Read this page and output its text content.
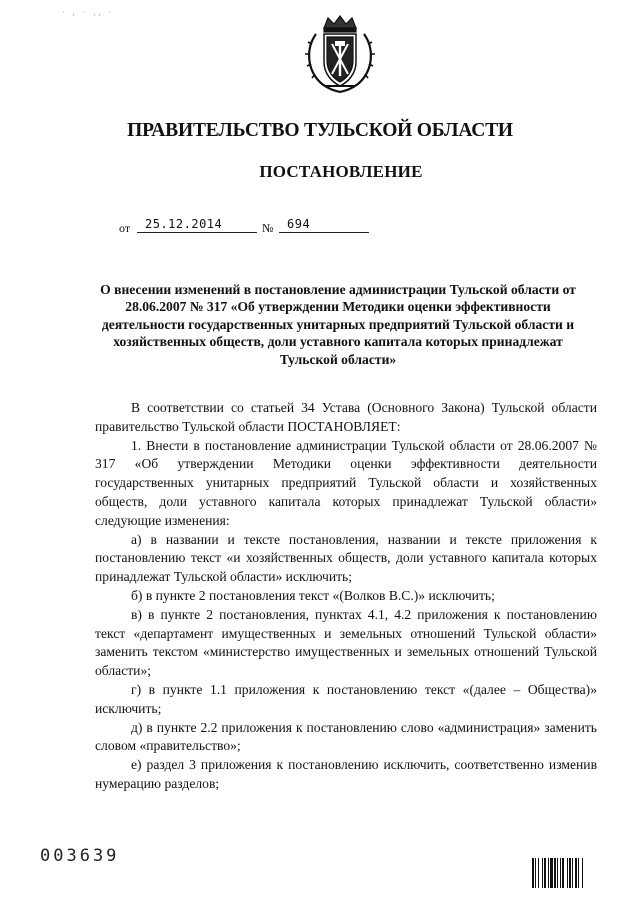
· , · ,, ·
ПРАВИТЕЛЬСТВО ТУЛЬСКОЙ ОБЛАСТИ
ПОСТАНОВЛЕНИЕ
от 25.12.2014	№ 694
О внесении изменений в постановление администрации Тульской области от 28.06.2007 № 317 «Об утверждении Методики оценки эффективности деятельности государственных унитарных предприятий Тульской области и хозяйственных обществ, доли уставного капитала которых принадлежат Тульской области»

В соответствии со статьей 34 Устава (Основного Закона) Тульской области правительство Тульской области ПОСТАНОВЛЯЕТ:

1. Внести в постановление администрации Тульской области от 28.06.2007 № 317 «Об утверждении Методики оценки эффективности деятельности государственных унитарных предприятий Тульской области и хозяйственных обществ, доли уставного капитала которых принадлежат Тульской области» следующие изменения:

а) в названии и тексте постановления, названии и тексте приложения к постановлению текст «и хозяйственных обществ, доли уставного капитала которых принадлежат Тульской области» исключить;

б) в пункте 2 постановления текст «(Волков В.С.)» исключить;

в) в пункте 2 постановления, пунктах 4.1, 4.2 приложения к постановлению текст «департамент имущественных и земельных отношений Тульской области» заменить текстом «министерство имущественных и земельных отношений Тульской области»;

г) в пункте 1.1 приложения к постановлению текст «(далее – Общества)» исключить;

д) в пункте 2.2 приложения к постановлению слово «администрация» заменить словом «правительство»;

е) раздел 3 приложения к постановлению исключить, соответственно изменив нумерацию разделов;

003639
